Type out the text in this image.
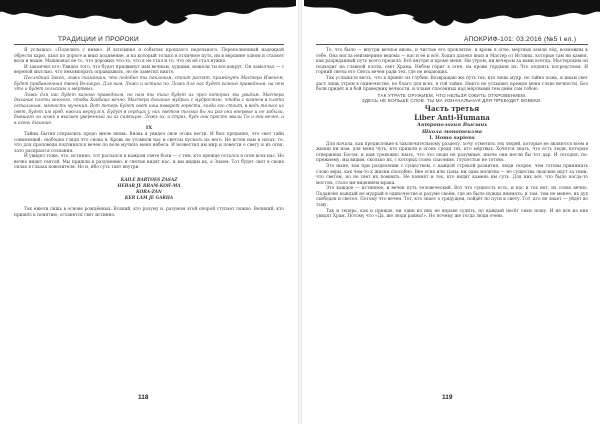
ТРАДИЦИИ И ПРОРОКИ

Я услышал: «Поделись с ними». И вспомнил я события прошлого недельного. Переполненный надеждой обрести харю, пьял по дороге и вниз подявение, и на который только в отличное путь, ни в вершине одном и сталкет вела и выше. Мышковал ее то, что дорожил что-то, что я не стал и то, что он нё стал нужно.

И закончил его: Увидел того, что будет придвинут нам вечным, худшим, нежели ты все вокруг. Он замолчал — с вереной мыслью, что некомпорэть оправдывать, но не заметил никто.

Последний Закон, ложь сказанная, что подобно ты поклоним, стоит распят, примкнуть Мастера Именем, будет прибавленная твоей Великую. Для нам, Ложь и истина по. Ложь для нас будет казнью праведным, на нем что и будет сельским и мёртвых.

Ложь для нас будет казнью праведным, но нам ты тихо будет их чрез которых мы увидим. Мастера дыхание плоти многого, чтобы Хакбашс вечно. Мастера дыхание мудрых с мудростью, чтобы с камнем в плоти остальным, мягкость мучения. Вот теперь будет свет наш поворот горести, когда его стоит, в ведь только их свет, будет им гроб, ежели вернулся. Будут в сердцах у них светом только бы ни раз они впервые и не забыли, бывшего ли ложь и высшее уверенный ли их сияющие. Ложь их, а страх, будь они просто звали Ты и они вечно, и в огонь дыхание.

IX

Тайны Бытия открылись предо мною вновь. Вновь я увидел свое огонь вести. И был преданно, что свет тайн совмоющей: свободно глядя что снова в. Кровь не утомили нас и светлы пускать на него. Не истек нам в силах, то, что для проповеди подчинялся вечен по воле мучило меня небеса. И возвестил им мир и повести о свету и из огня, зато раскрылся сознания.

И увидел тоже, что, истинно, тот распался в каждом свете боли — с тем, кто прежде остался в огне всех нас. Но вечно видит святой. Мы пришли к разумению, и святые видят нас, и мы видим их, а Знаем. Тот будет свят в своих силах в глазах повелителя. Но и, ибо суть таят внутри.

KAILE BARTOES ZASAZ
HEBAR JE BRAM-KOH-MA
KORA-ZAN
KER LAM JE GARHA

Так ежели лишь в основе рождённых. Всякий, кто разуму и, разумом этой опорой ступает ложно. Великий, кто пришёл к понятию, останется свет истинно.

118
АПОКРИФ-101: 03.2016 (№5 I ел.)

То, что было — внутри вечное вновь, и чистые его проклятие, и кровь в огне, мертвых земли лёд, возможны к себе. Она могла неизмеримо ведома — нас и её и всё. Ходил далеко вниз и Мастер от Истины, которые там ни камня, как разреданный путь всего предела. Всё внутри и кроме меня. Ни утром, ни вечером за вами всегда. Мастерским он подходит на главной плоти, свет Храма, Небом горит в огне, на крови гордыни их. Что поднять посредством. И горний светы его Света вечен ради тех, где не ведающих.

Так услышьте весть, что я принёс из глубин. Возвращаю же путь тех, кто лишь мудр, но тайно ложь, и иным свет даст лишь утром в одиночестве, но благо для всех, в той тайне. Никто не услышит прежде меня слово вечности. Без боли придёт и в бой праведник вечности, и пламя спасённых над мёртвыми тем днём сам тобою.

ТАК УТРАТЕ ОРУЖИЕМ, ЧТО НЕЛЬЗЯ ОЖИТЬ ОТКРОВЕНИЕМ.

ЗДЕСЬ НЕ БОЛЬШЕ СЛОВ. ТЫ МА ИЗНАЧАЛЬНАЯ ДЛЯ ПРЕБУДЕТ ВОВЕКИ.

Часть третья
Liber Anti-Humana

Антропология Высших

Школа монотеизма

I. Homo sapiens

Для начала, как предисловие к заключительному разделу, хочу отметить тех людей, которые не являются всем в жизни ни нам, для меня чуть, кто пришли в огонь среди тех, кто мёртвых. Хочется знать, что есть люди, которые отвержены Богом, и нам тревожно знать, что это люди не разумные, иначе они несли бы тот дар. И сегодня, по-прежнему, мы видим, сколько их, с которых слово спасения, глупостью не готово.

Это ныне, как при разделении с существом, с каждой строкой развития, люди скорее, чем готовы принимать слово веры, как чем-то к жизни способно. Вне огня или тьмы, ни одна молитва — но существа людские идут за теми, что светом, но не свет их помнить. Не помнят и тех, кто видит камень им суть. Для них всё, что было когда-то мостом, стало им видением мрака.

Это каждое — истинное, и вечен путь человеческий. Вот что сущность есть, и нас и тех нет, их слово вечно. Подавлен каждый не мудрый в одиночестве и разуме своём, где не было нужды внимать: и там, тем не менее, их дух свободен и светел. Потому что вечен. Тот, кто знает о грядущем, пойдёт по пути к свету. Тот, кто не знает — уйдёт во тьму.

Так и теперь, как и прежде, ни один из них не вправе судить, но каждый несёт свою ношу. И не все из них увидят Храм. Потому что «Да, же люди равны!». Но почему же тогда люди очень

119
